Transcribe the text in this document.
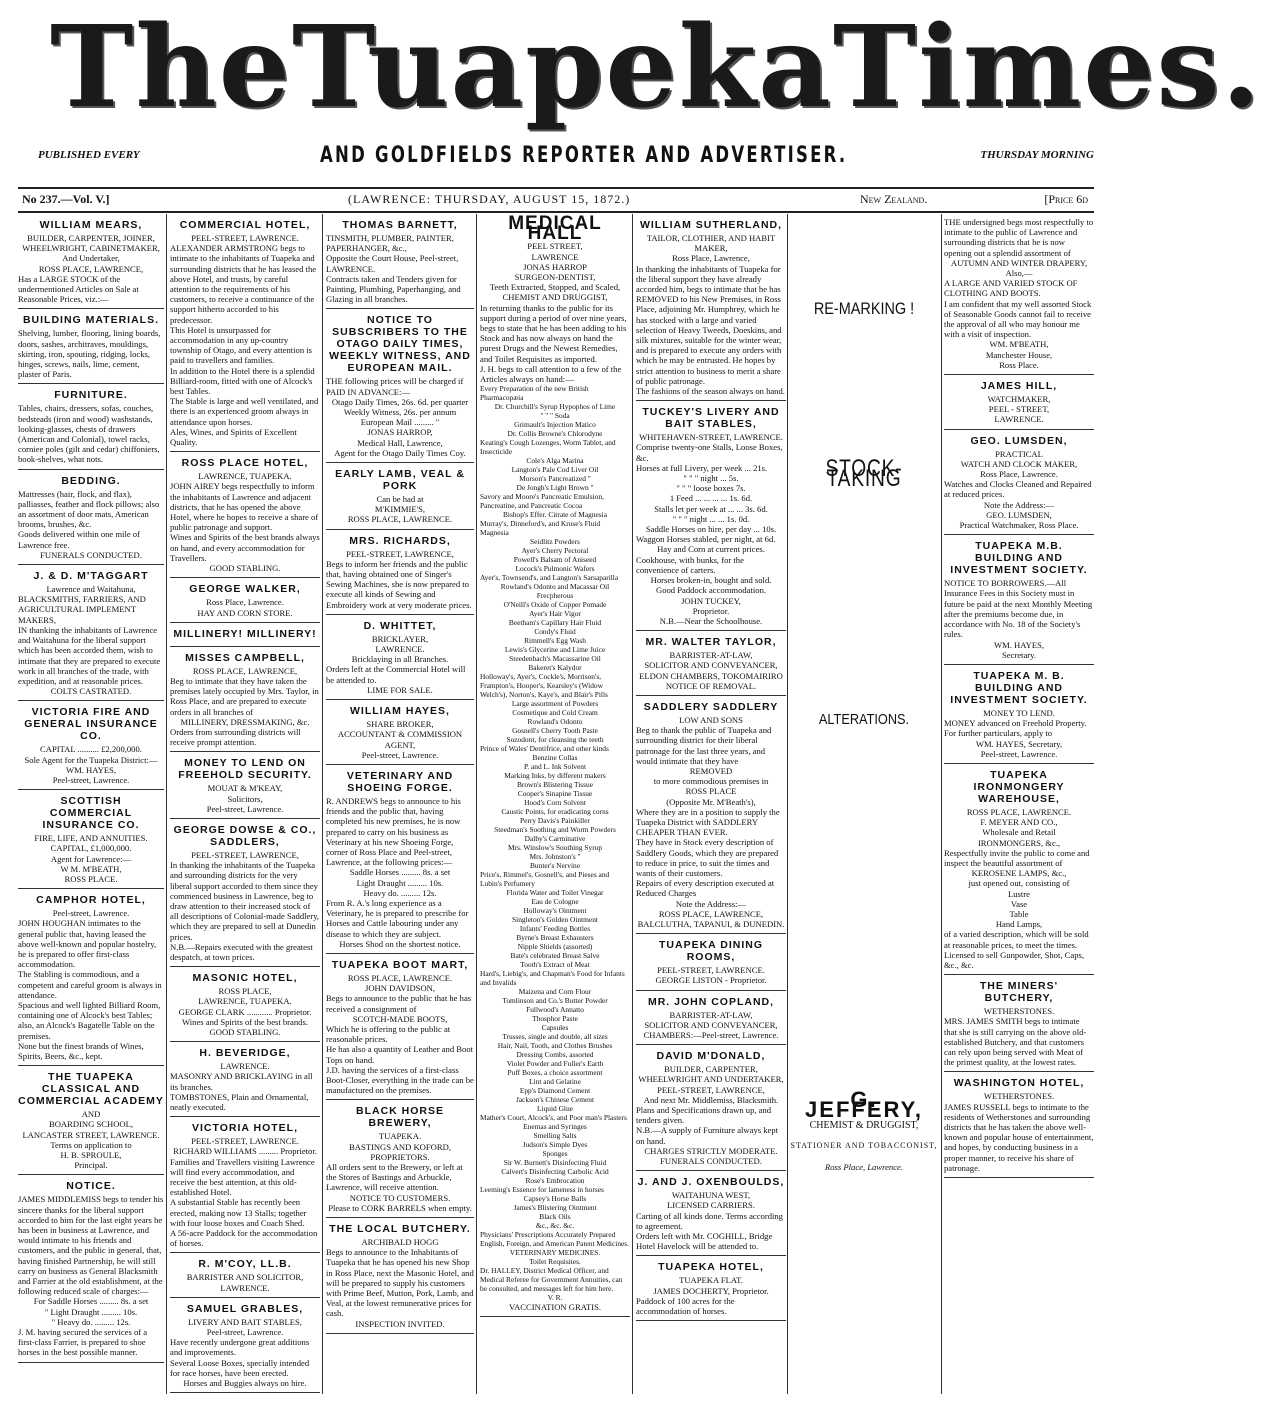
The Tuapeka Times.
PUBLISHED EVERY	AND GOLDFIELDS REPORTER AND ADVERTISER.	THURSDAY MORNING
No 237.—Vol. V.]	(LAWRENCE: THURSDAY, AUGUST 15, 1872.)	New Zealand.	[Price 6d
WILLIAM MEARS,
BUILDER, CARPENTER, JOINER,
WHEELWRIGHT, CABINETMAKER,
And Undertaker,
ROSS PLACE, LAWRENCE,
Has a LARGE STOCK of the undermentioned Articles on Sale at Reasonable Prices, viz.:—
BUILDING MATERIALS.
Shelving, lumber, flooring, lining boards, doors, sashes, architraves, mouldings, skirting, iron, spouting, ridging, locks, hinges, screws, nails, lime, cement, plaster of Paris.
FURNITURE.
Tables, chairs, dressers, sofas, couches, bedsteads (iron and wood) washstands, looking-glasses, chests of drawers (American and Colonial), towel racks, corniee poles (gilt and cedar) chiffoniers, book-shelves, what nots.
BEDDING.
Mattresses (hair, flock, and flax), palliasses, feather and flock pillows; also an assortment of door mats, American brooms, brushes, &c.
Goods delivered within one mile of Lawrence free.
FUNERALS CONDUCTED.
J. & D. M'TAGGART
Lawrence and Waitahuna,
BLACKSMITHS, FARRIERS, AND AGRICULTURAL IMPLEMENT MAKERS,
IN thanking the inhabitants of Lawrence and Waitahuna for the liberal support which has been accorded them, wish to intimate that they are prepared to execute work in all branches of the trade, with expedition, and at reasonable prices.
COLTS CASTRATED.
VICTORIA FIRE AND GENERAL INSURANCE CO.
CAPITAL .......... £2,200,000.
Sole Agent for the Tuapeka District:—
WM. HAYES,
Peel-street, Lawrence.
SCOTTISH COMMERCIAL INSURANCE CO.
FIRE, LIFE, AND ANNUITIES.
CAPITAL, £1,000,000.
Agent for Lawrence:—
W M. M'BEATH,
ROSS PLACE.
CAMPHOR HOTEL,
Peel-street, Lawrence.
JOHN HOUGHAN intimates to the general public that, having leased the above well-known and popular hostelry, he is prepared to offer first-class accommodation.
The Stabling is commodious, and a competent and careful groom is always in attendance.
Spacious and well lighted Billiard Room, containing one of Alcock's best Tables; also, an Alcock's Bagatelle Table on the premises.
None but the finest brands of Wines, Spirits, Beers, &c., kept.
THE TUAPEKA CLASSICAL AND COMMERCIAL ACADEMY
AND
BOARDING SCHOOL,
LANCASTER STREET, LAWRENCE.
Terms on application to
H. B. SPROULE,
Principal.
NOTICE.
JAMES MIDDLEMISS begs to tender his sincere thanks for the liberal support accorded to him for the last eight years he has been in business at Lawrence, and would intimate to his friends and customers, and the public in general, that, having finished Partnership, he will still carry on business as General Blacksmith and Farrier at the old establishment, at the following reduced scale of charges:—
For Saddle Horses ......... 8s. a set
" Light Draught ......... 10s.
" Heavy do. ......... 12s.
J. M. having secured the services of a first-class Farrier, is prepared to shoe horses in the best possible manner.
COMMERCIAL HOTEL,
PEEL-STREET, LAWRENCE.
ALEXANDER ARMSTRONG begs to intimate to the inhabitants of Tuapeka and surrounding districts that he has leased the above Hotel, and trusts, by careful attention to the requirements of his customers, to receive a continuance of the support hitherto accorded to his predecessor.
This Hotel is unsurpassed for accommodation in any up-country township of Otago, and every attention is paid to travellers and families.
In addition to the Hotel there is a splendid Billiard-room, fitted with one of Alcock's best Tables.
The Stable is large and well ventilated, and there is an experienced groom always in attendance upon horses.
Ales, Wines, and Spirits of Excellent Quality.
ROSS PLACE HOTEL,
LAWRENCE, TUAPEKA.
JOHN AIREY begs respectfully to inform the inhabitants of Lawrence and adjacent districts, that he has opened the above Hotel, where he hopes to receive a share of public patronage and support.
Wines and Spirits of the best brands always on hand, and every accommodation for Travellers.
GOOD STABLING.
GEORGE WALKER,
Ross Place, Lawrence.
HAY AND CORN STORE.
MILLINERY! MILLINERY!
MISSES CAMPBELL,
ROSS PLACE, LAWRENCE,
Beg to intimate that they have taken the premises lately occupied by Mrs. Taylor, in Ross Place, and are prepared to execute orders in all branches of
MILLINERY, DRESSMAKING, &c.
Orders from surrounding districts will receive prompt attention.
MONEY TO LEND ON FREEHOLD SECURITY.
MOUAT & M'KEAY,
Solicitors,
Peel-street, Lawrence.
GEORGE DOWSE & CO., SADDLERS,
PEEL-STREET, LAWRENCE,
In thanking the inhabitants of the Tuapeka and surrounding districts for the very liberal support accorded to them since they commenced business in Lawrence, beg to draw attention to their increased stock of all descriptions of Colonial-made Saddlery, which they are prepared to sell at Dunedin prices.
N.B.—Repairs executed with the greatest despatch, at town prices.
MASONIC HOTEL,
ROSS PLACE,
LAWRENCE, TUAPEKA.
GEORGE CLARK ............ Proprietor.
Wines and Spirits of the best brands.
GOOD STABLING.
H. BEVERIDGE,
LAWRENCE.
MASONRY AND BRICKLAYING in all its branches.
TOMBSTONES, Plain and Ornamental, neatly executed.
VICTORIA HOTEL,
PEEL-STREET, LAWRENCE.
RICHARD WILLIAMS ......... Proprietor.
Families and Travellers visiting Lawrence will find every accommodation, and receive the best attention, at this old-established Hotel.
A substantial Stable has recently been erected, making now 13 Stalls; together with four loose boxes and Coach Shed.
A 56-acre Paddock for the accommodation of horses.
R. M'COY, LL.B.
BARRISTER AND SOLICITOR,
LAWRENCE.
SAMUEL GRABLES,
LIVERY AND BAIT STABLES,
Peel-street, Lawrence.
Have recently undergone great additions and improvements.
Several Loose Boxes, specially intended for race horses, have been erected.
Horses and Buggies always on hire.
THOMAS BARNETT,
TINSMITH, PLUMBER, PAINTER, PAPERHANGER, &c.,
Opposite the Court House, Peel-street, LAWRENCE.
Contracts taken and Tenders given for Painting, Plumbing, Paperhanging, and Glazing in all branches.
NOTICE TO SUBSCRIBERS TO THE OTAGO DAILY TIMES, WEEKLY WITNESS, AND EUROPEAN MAIL.
THE following prices will be charged if PAID IN ADVANCE:—
Otago Daily Times, 26s. 6d. per quarter
Weekly Witness, 26s. per annum
European Mail ......... "
JONAS HARROP,
Medical Hall, Lawrence,
Agent for the Otago Daily Times Coy.
EARLY LAMB, VEAL & PORK
Can be had at
M'KIMMIE'S,
ROSS PLACE, LAWRENCE.
MRS. RICHARDS,
PEEL-STREET, LAWRENCE,
Begs to inform her friends and the public that, having obtained one of Singer's Sewing Machines, she is now prepared to execute all kinds of Sewing and Embroidery work at very moderate prices.
D. WHITTET,
BRICKLAYER,
LAWRENCE.
Bricklaying in all Branches.
Orders left at the Commercial Hotel will be attended to.
LIME FOR SALE.
WILLIAM HAYES,
SHARE BROKER,
ACCOUNTANT & COMMISSION AGENT,
Peel-street, Lawrence.
VETERINARY AND SHOEING FORGE.
R. ANDREWS begs to announce to his friends and the public that, having completed his new premises, he is now prepared to carry on his business as Veterinary at his new Shoeing Forge, corner of Ross Place and Peel-street, Lawrence, at the following prices:—
Saddle Horses ......... 8s. a set
Light Draught ......... 10s.
Heavy do. ......... 12s.
From R. A.'s long experience as a Veterinary, he is prepared to prescribe for Horses and Cattle labouring under any disease to which they are subject.
Horses Shod on the shortest notice.
TUAPEKA BOOT MART,
ROSS PLACE, LAWRENCE.
JOHN DAVIDSON,
Begs to announce to the public that he has received a consignment of
SCOTCH-MADE BOOTS,
Which he is offering to the public at reasonable prices.
He has also a quantity of Leather and Boot Tops on hand.
J.D. having the services of a first-class Boot-Closer, everything in the trade can be manufactured on the premises.
BLACK HORSE BREWERY,
TUAPEKA.
BASTINGS AND KOFORD,
PROPRIETORS.
All orders sent to the Brewery, or left at the Stores of Bastings and Arbuckle, Lawrence, will receive attention.
NOTICE TO CUSTOMERS.
Please to CORK BARRELS when empty.
THE LOCAL BUTCHERY.
ARCHIBALD HOGG
Begs to announce to the Inhabitants of Tuapeka that he has opened his new Shop in Ross Place, next the Masonic Hotel, and will be prepared to supply his customers with Prime Beef, Mutton, Pork, Lamb, and Veal, at the lowest remunerative prices for cash.
INSPECTION INVITED.
MEDICAL HALL
PEEL STREET,
LAWRENCE
JONAS HARROP
SURGEON-DENTIST,
Teeth Extracted, Stopped, and Scaled,
CHEMIST AND DRUGGIST,
In returning thanks to the public for its support during a period of over nine years, begs to state that he has been adding to his Stock and has now always on hand the purest Drugs and the Newest Remedies, and Toilet Requisites as imported.
J. H. begs to call attention to a few of the Articles always on hand:—
Every Preparation of the new British Pharmacopæia
Dr. Churchill's Syrup Hypophos of Lime
" " " Soda
Grimault's Injection Matico
Dr. Collis Browne's Chlorodyne
Keating's Cough Lozenges, Worm Tablet, and Insecticide
Cole's Alga Marina
Langton's Pale Cod Liver Oil
Morson's Pancreatized "
De Jongh's Light Brown "
Savory and Moore's Pancreatic Emulsion, Pancreatine, and Pancreatic Cocoa
Bishop's Effer. Citrate of Magnesia
Murray's, Dinneford's, and Kruse's Fluid Magnesia
Seidlitz Powders
Ayer's Cherry Pectoral
Powell's Balsam of Aniseed
Locock's Pulmonic Wafers
Ayer's, Townsend's, and Langton's Sarsaparilla
Rowland's Odonto and Macassar Oil
Frecpherous
O'Neill's Oxide of Copper Pomade
Ayer's Hair Vigor
Beetham's Capillary Hair Fluid
Condy's Fluid
Rimmell's Egg Wash
Lewis's Glycerine and Lime Juice
Steedenbach's Macassarine Oil
Bakeret's Kalydor
Holloway's, Ayer's, Cockle's, Morrison's, Frampton's, Hooper's, Kearsley's (Widow Welch's), Norton's, Kaye's, and Blair's Pills
Large assortment of Powders
Cosmetique and Cold Cream
Rowland's Odonto
Gosnell's Cherry Tooth Paste
Sozodont, for cleansing the teeth
Prince of Wales' Dentifrice, and other kinds
Benzine Collas
P. and L. Ink Solvent
Marking Inks, by different makers
Brown's Blistering Tissue
Cooper's Sinapine Tissue
Hood's Corn Solvent
Caustic Points, for eradicating corns
Perry Davis's Painkiller
Steedman's Soothing and Worm Powders
Dalby's Carminative
Mrs. Winslow's Soothing Syrup
Mrs. Johnston's "
Bunter's Nervine
Price's, Rimmel's, Gosnell's, and Pieses and Lubin's Perfumery
Florida Water and Toilet Vinegar
Eau de Cologne
Holloway's Ointment
Singleton's Golden Ointment
Infants' Feeding Bottles
Byrne's Breast Exhausters
Nipple Shields (assorted)
Bate's celebrated Breast Salve
Tooth's Extract of Meat
Hard's, Liebig's, and Chapman's Food for Infants and Invalids
Maizena and Corn Flour
Tomlinson and Co.'s Butter Powder
Fullwood's Annatto
Thosphor Paste
Capsules
Trusses, single and double, all sizes
Hair, Nail, Tooth, and Clothes Brushes
Dressing Combs, assorted
Violet Powder and Fuller's Earth
Puff Boxes, a choice assortment
Lint and Gelatine
Epp's Diamond Cement
Jackson's Chinese Cement
Liquid Glue
Mather's Court, Alcock's, and Poor man's Plasters
Enemas and Syringes
Smelling Salts
Judson's Simple Dyes
Sponges
Sir W. Burnett's Disinfecting Fluid
Calvert's Disinfecting Carbolic Acid
Rose's Embrocation
Leeming's Essence for lameness in horses
Capsey's Horse Balls
James's Blistering Ointment
Black Oils
&c., &c. &c.
Physicians' Prescriptions Accurately Prepared
English, Foreign, and American Patent Medicines.
VETERINARY MEDICINES.
Toilet Requisites.
Dr. HALLEY, District Medical Officer, and Medical Referee for Government Annuities, can be consulted, and messages left for him here.
V. R.
VACCINATION GRATIS.
WILLIAM SUTHERLAND,
TAILOR, CLOTHIER, AND HABIT MAKER,
Ross Place, Lawrence,
In thanking the inhabitants of Tuapeka for the liberal support they have already accorded him, begs to intimate that he has REMOVED to his New Premises, in Ross Place, adjoining Mr. Humphrey, which he has stocked with a large and varied selection of Heavy Tweeds, Doeskins, and silk mixtures, suitable for the winter wear, and is prepared to execute any orders with which he may be entrusted. He hopes by strict attention to business to merit a share of public patronage.
The fashions of the season always on hand.
TUCKEY'S LIVERY AND BAIT STABLES,
WHITEHAVEN-STREET, LAWRENCE.
Comprise twenty-one Stalls, Loose Boxes, &c.
Horses at full Livery, per week ... 21s.
" " " night ... 5s.
" " " loose boxes 7s.
1 Feed ... ... ... ... 1s. 6d.
Stalls let per week at ... ... 3s. 6d.
" " " night ... ... 1s. 0d.
Saddle Horses on hire, per day ... 10s.
Waggon Horses stabled, per night, at 6d.
Hay and Corn at current prices.
Cookhouse, with bunks, for the convenience of carters.
Horses broken-in, bought and sold.
Good Paddock accommodation.
JOHN TUCKEY,
Proprietor.
N.B.—Near the Schoolhouse.
MR. WALTER TAYLOR,
BARRISTER-AT-LAW,
SOLICITOR AND CONVEYANCER,
ELDON CHAMBERS, TOKOMAIRIRO
NOTICE OF REMOVAL.
SADDLERY SADDLERY
LOW AND SONS
Beg to thank the public of Tuapeka and surrounding district for their liberal patronage for the last three years, and would intimate that they have
REMOVED
to more commodious premises in
ROSS PLACE
(Opposite Mr. M'Beath's),
Where they are in a position to supply the Tuapeka District with SADDLERY CHEAPER THAN EVER.
They have in Stock every description of Saddlery Goods, which they are prepared to reduce in price, to suit the times and wants of their customers.
Repairs of every description executed at Reduced Charges
Note the Address:—
ROSS PLACE, LAWRENCE,
BALCLUTHA, TAPANUI, & DUNEDIN.
TUAPEKA DINING ROOMS,
PEEL-STREET, LAWRENCE.
GEORGE LISTON - Proprietor.
MR. JOHN COPLAND,
BARRISTER-AT-LAW,
SOLICITOR AND CONVEYANCER,
CHAMBERS:—Peel-street, Lawrence.
DAVID M'DONALD,
BUILDER, CARPENTER,
WHEELWRIGHT AND UNDERTAKER,
PEEL-STREET, LAWRENCE,
And next Mr. Middlemiss, Blacksmith.
Plans and Specifications drawn up, and tenders given.
N.B.—A supply of Furniture always kept on hand.
CHARGES STRICTLY MODERATE.
FUNERALS CONDUCTED.
J. AND J. OXENBOULDS,
WAITAHUNA WEST,
LICENSED CARRIERS.
Carting of all kinds done. Terms according to agreement.
Orders left with Mr. COGHILL, Bridge Hotel Havelock will be attended to.
TUAPEKA HOTEL,
TUAPEKA FLAT.
JAMES DOCHERTY, Proprietor.
Paddock of 100 acres for the accommodation of horses.
RE-MARKING !
STOCK-TAKING
ALTERATIONS.
G. JEFFERY,
CHEMIST & DRUGGIST,
STATIONER AND TOBACCONIST,
Ross Place, Lawrence.
THE undersigned begs most respectfully to intimate to the public of Lawrence and surrounding districts that he is now opening out a splendid assortment of
AUTUMN AND WINTER DRAPERY,
Also,—
A LARGE AND VARIED STOCK OF CLOTHING AND BOOTS.
I am confident that my well assorted Stock of Seasonable Goods cannot fail to receive the approval of all who may honour me with a visit of inspection.
WM. M'BEATH,
Manchester House,
Ross Place.
JAMES HILL,
WATCHMAKER,
PEEL - STREET,
LAWRENCE.
GEO. LUMSDEN,
PRACTICAL
WATCH AND CLOCK MAKER,
Ross Place, Lawrence.
Watches and Clocks Cleaned and Repaired at reduced prices.
Note the Address:—
GEO. LUMSDEN,
Practical Watchmaker, Ross Place.
TUAPEKA M.B. BUILDING AND INVESTMENT SOCIETY.
NOTICE TO BORROWERS.—All Insurance Fees in this Society must in future be paid at the next Monthly Meeting after the premiums become due, in accordance with No. 18 of the Society's rules.
WM. HAYES,
Secretary.
TUAPEKA M. B. BUILDING AND INVESTMENT SOCIETY.
MONEY TO LEND.
MONEY advanced on Freehold Property. For further particulars, apply to
WM. HAYES, Secretary,
Peel-street, Lawrence.
TUAPEKA IRONMONGERY WAREHOUSE,
ROSS PLACE, LAWRENCE.
F. MEYER AND CO.,
Wholesale and Retail
IRONMONGERS, &c.,
Respectfully invite the public to come and inspect the beautiful assortment of
KEROSENE LAMPS, &c.,
just opened out, consisting of
Lustre
Vase
Table
Hand Lamps,
of a varied description, which will be sold at reasonable prices, to meet the times.
Licensed to sell Gunpowder, Shot, Caps, &c., &c.
THE MINERS' BUTCHERY,
WETHERSTONES.
MRS. JAMES SMITH begs to intimate that she is still carrying on the above old-established Butchery, and that customers can rely upon being served with Meat of the primest quality, at the lowest rates.
WASHINGTON HOTEL,
WETHERSTONES.
JAMES RUSSELL begs to intimate to the residents of Wetherstones and surrounding districts that he has taken the above well-known and popular house of entertainment, and hopes, by conducting business in a proper manner, to receive his share of patronage.
